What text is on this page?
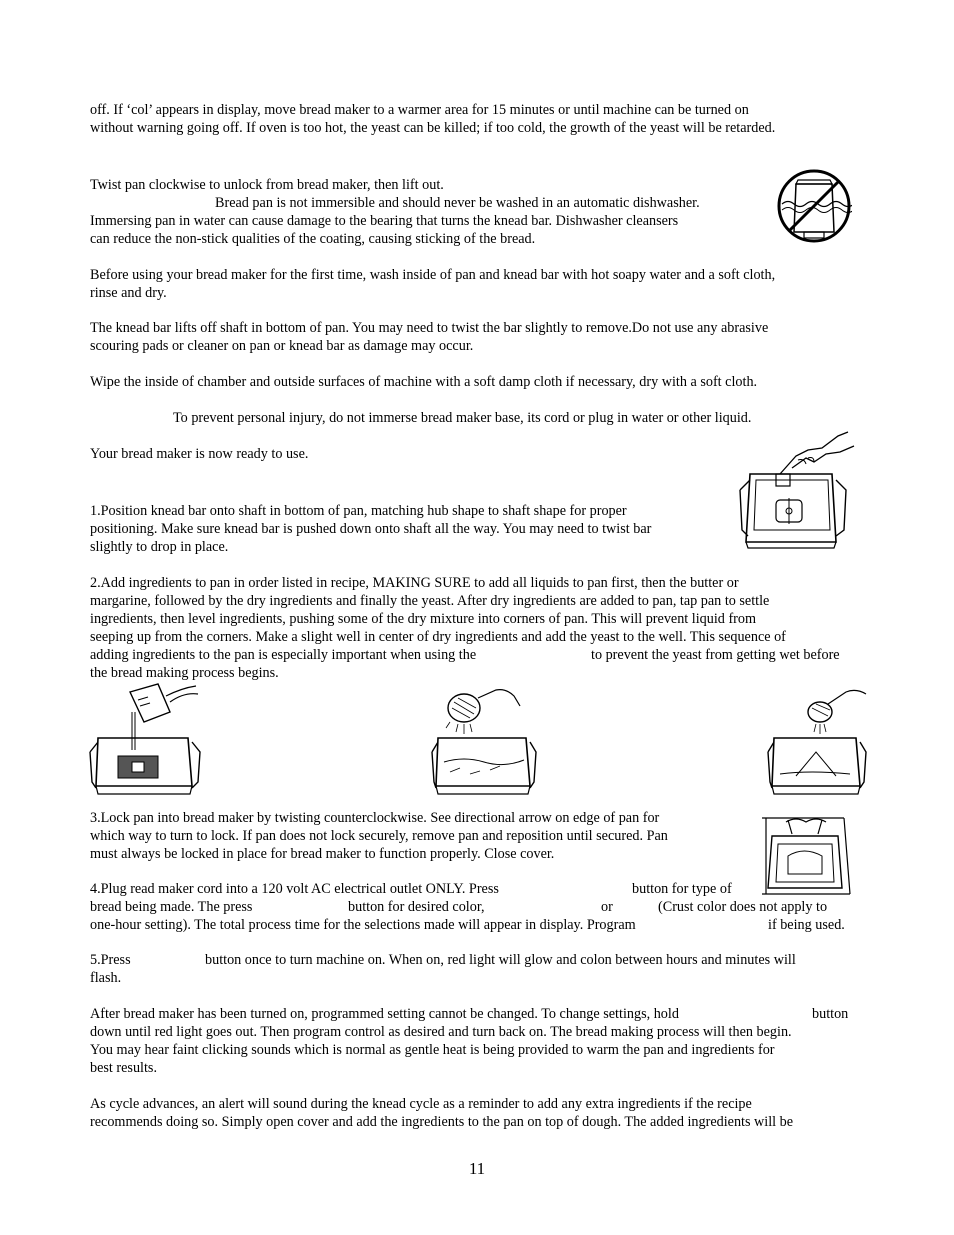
off. If ‘col’ appears in display, move bread maker to a warmer area for 15 minutes or until machine can be turned on
without warning going off. If oven is too hot, the yeast can be killed; if too cold, the growth of the yeast will be retarded.
Twist pan clockwise to unlock from bread maker, then lift out.
Bread pan is not immersible and should never be washed in an automatic dishwasher.
Immersing pan in water can cause damage to the bearing that turns the knead bar. Dishwasher cleansers
can reduce the non-stick qualities of the coating, causing sticking of the bread.
Before using your bread maker for the first time, wash inside of pan and knead bar with hot soapy water and a soft cloth,
rinse and dry.
The knead bar lifts off shaft in bottom of pan. You may need to twist the bar slightly to remove.Do not use any abrasive
scouring pads or cleaner on pan or knead bar as damage may occur.
Wipe the inside of chamber and outside surfaces of machine with a soft damp cloth if necessary, dry with a soft cloth.
To prevent personal injury, do not immerse bread maker base, its cord or plug in water or other liquid.
Your bread maker is now ready to use.
1.Position knead bar onto shaft in bottom of pan, matching hub shape to shaft shape for proper
positioning. Make sure knead bar is pushed down onto shaft all the way. You may need to twist bar
slightly to drop in place.
2.Add ingredients to pan in order listed in recipe, MAKING SURE to add all liquids to pan first, then the butter or
margarine, followed by the dry ingredients and finally the yeast. After dry ingredients are added to pan, tap pan to settle
ingredients, then level ingredients, pushing some of the dry mixture into corners of pan. This will prevent liquid from
seeping up from the corners. Make a slight well in center of dry ingredients and add the yeast to the well. This sequence of
adding ingredients to the pan is especially important when using the	to prevent the yeast from getting wet before
the bread making process begins.
3.Lock pan into bread maker by twisting counterclockwise. See directional arrow on edge of pan for
which way to turn to lock. If pan does not lock securely, remove pan and reposition until secured. Pan
must always be locked in place for bread maker to function properly. Close cover.
4.Plug read maker cord into a 120 volt AC electrical outlet ONLY. Press	button for type of
bread being made. The press	button for desired color,	or	(Crust color does not apply to
one-hour setting). The total process time for the selections made will appear in display. Program	if being used.
5.Press	button once to turn machine on. When on, red light will glow and colon between hours and minutes will
flash.
After bread maker has been turned on, programmed setting cannot be changed. To change settings, hold	button
down until red light goes out. Then program control as desired and turn back on. The bread making process will then begin.
You may hear faint clicking sounds which is normal as gentle heat is being provided to warm the pan and ingredients for
best results.
As cycle advances, an alert will sound during the knead cycle as a reminder to add any extra ingredients if the recipe
recommends doing so. Simply open cover and add the ingredients to the pan on top of dough. The added ingredients will be
11
